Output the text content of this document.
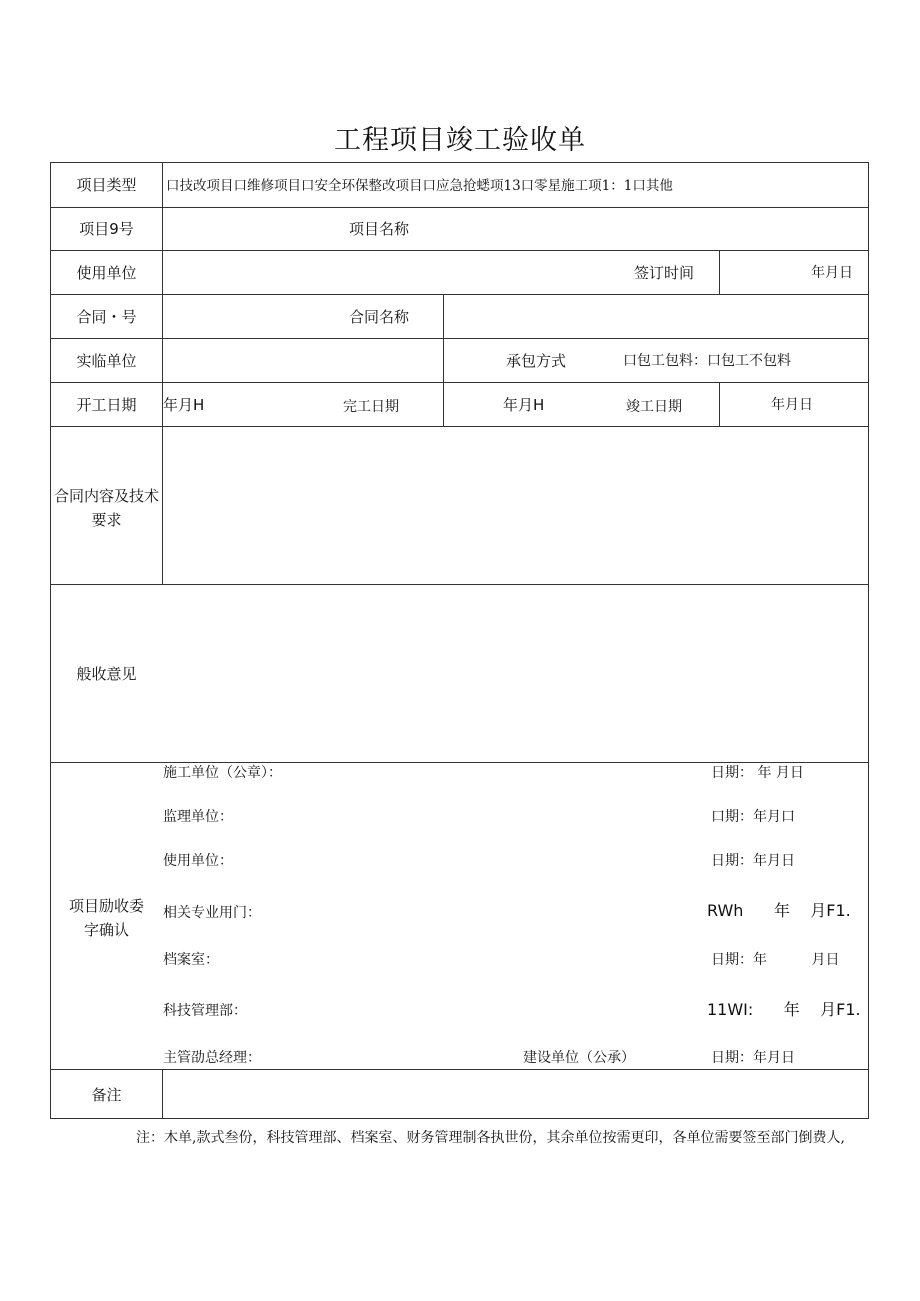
工程项目竣工验收单
项目类型	口技改项目口维修项目口安全环保整改项目口应急抢蟋项13口零星施工项1：1口其他
项目9号	项目名称
使用单位	签订时间	年月日
合同・号	合同名称
实临单位	承包方式	口包工包料：口包工不包料
开工日期	年月H	完工日期	年月H	竣工日期	年月日
合同内容及技术
要求
般收意见
项目励收委
字确认
施工单位（公章）：	日期： 年 月日
监理单位：	口期：年月口
使用单位：	日期：年月日
相关专业用门：	RWh      年    月F1.
档案室：	日期：年          月日
科技管理部：	11WI:      年    月F1.
主管劭总经理：	建设单位（公承）	日期：年月日
备注
注：木单,款式叁份，科技管理部、档案室、财务管理制各执世份，其余单位按需更印，各单位需要签至部门倒费人,
